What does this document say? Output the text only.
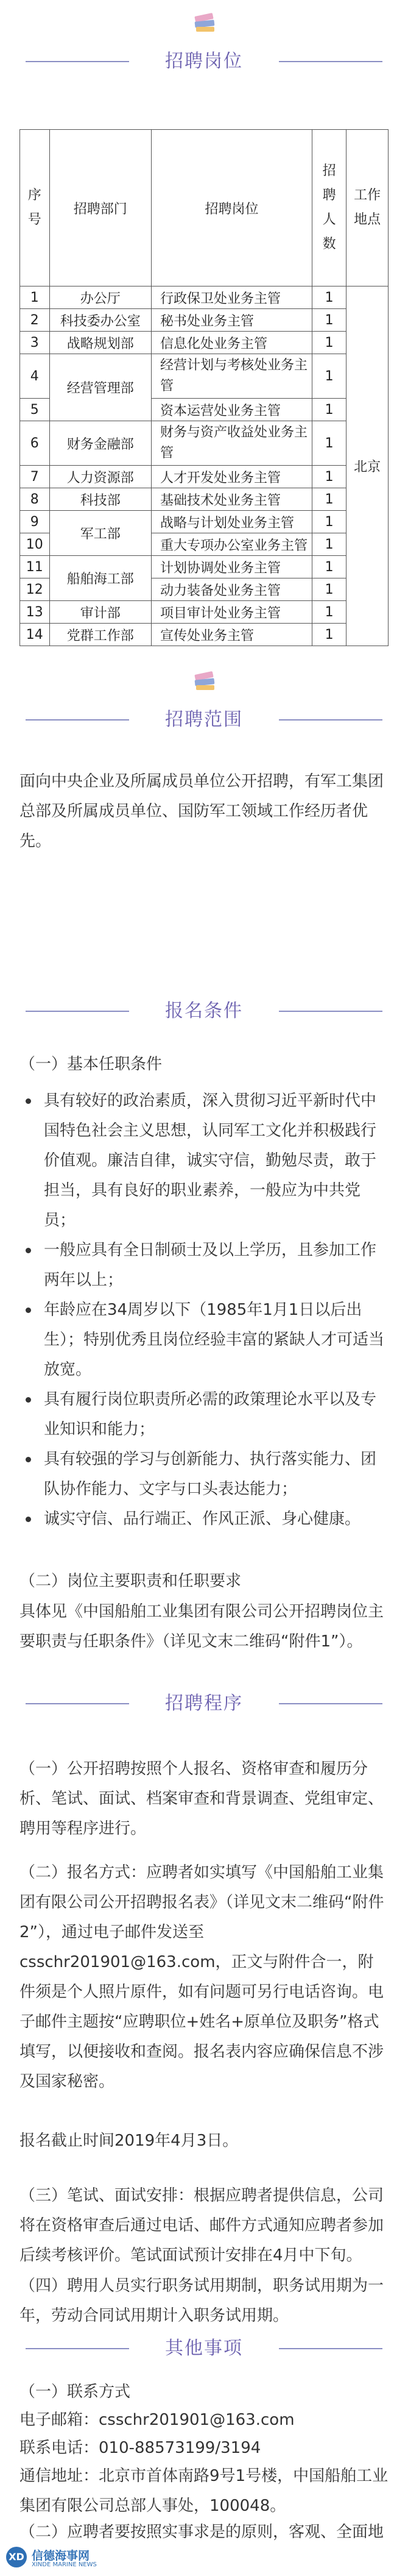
招聘岗位
序号	招聘部门	招聘岗位	招聘人数	工作地点
1	办公厅	行政保卫处业务主管	1	北京
2	科技委办公室	秘书处业务主管	1	
3	战略规划部	信息化处业务主管	1	
4	经营管理部	经营计划与考核处业务主管	1	
5		资本运营处业务主管	1	
6	财务金融部	财务与资产收益处业务主管	1	
7	人力资源部	人才开发处业务主管	1	
8	科技部	基础技术处业务主管	1	
9	军工部	战略与计划处业务主管	1	
10		重大专项办公室业务主管	1	
11	船舶海工部	计划协调处业务主管	1	
12		动力装备处业务主管	1	
13	审计部	项目审计处业务主管	1	
14	党群工作部	宣传处业务主管	1	
招聘范围

面向中央企业及所属成员单位公开招聘，有军工集团总部及所属成员单位、国防军工领域工作经历者优先。

报名条件

（一）基本任职条件

具有较好的政治素质，深入贯彻习近平新时代中国特色社会主义思想，认同军工文化并积极践行价值观。廉洁自律，诚实守信，勤勉尽责，敢于担当，具有良好的职业素养，一般应为中共党员；
一般应具有全日制硕士及以上学历，且参加工作两年以上；
年龄应在34周岁以下（1985年1月1日以后出生）；特别优秀且岗位经验丰富的紧缺人才可适当放宽。
具有履行岗位职责所必需的政策理论水平以及专业知识和能力；
具有较强的学习与创新能力、执行落实能力、团队协作能力、文字与口头表达能力；
诚实守信、品行端正、作风正派、身心健康。

（二）岗位主要职责和任职要求

具体见《中国船舶工业集团有限公司公开招聘岗位主要职责与任职条件》（详见文末二维码“附件1”）。

招聘程序

（一）公开招聘按照个人报名、资格审查和履历分析、笔试、面试、档案审查和背景调查、党组审定、聘用等程序进行。

（二）报名方式：应聘者如实填写《中国船舶工业集团有限公司公开招聘报名表》（详见文末二维码“附件2”），通过电子邮件发送至csschr201901@163.com，正文与附件合一，附件须是个人照片原件，如有问题可另行电话咨询。电子邮件主题按“应聘职位+姓名+原单位及职务”格式填写，以便接收和查阅。报名表内容应确保信息不涉及国家秘密。

报名截止时间2019年4月3日。

（三）笔试、面试安排：根据应聘者提供信息，公司将在资格审查后通过电话、邮件方式通知应聘者参加后续考核评价。笔试面试预计安排在4月中下旬。

（四）聘用人员实行职务试用期制，职务试用期为一年，劳动合同试用期计入职务试用期。

其他事项

（一）联系方式

电子邮箱：csschr201901@163.com

联系电话：010-88573199/3194

通信地址：北京市首体南路9号1号楼，中国船舶工业集团有限公司总部人事处，100048。

（二）应聘者要按照实事求是的原则，客观、全面地

XD 信德海事网
XINDE MARINE NEWS
